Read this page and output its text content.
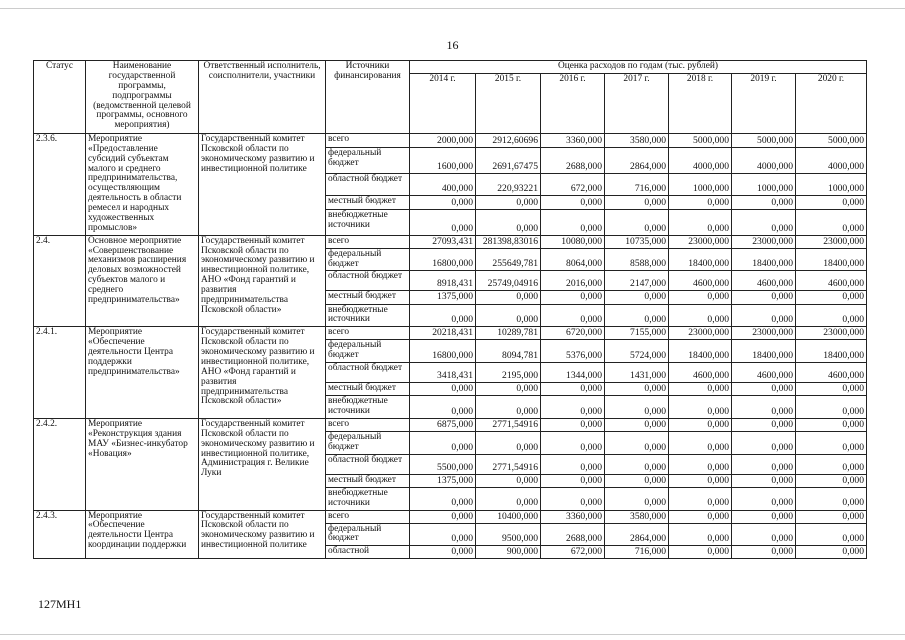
16
Статус	Наименование государственной программы, подпрограммы (ведомственной целевой программы, основного мероприятия)	Ответственный исполнитель, соисполнители, участники	Источники финансирования	Оценка расходов по годам (тыс. рублей)						
				2014 г.	2015 г.	2016 г.	2017 г.	2018 г.	2019 г.	2020 г.
2.3.6.	Мероприятие «Предоставление субсидий субъектам малого и среднего предпринимательства, осуществляющим деятельность в области ремесел и народных художественных промыслов»	Государственный комитет Псковской области по экономическому развитию и инвестиционной политике	всего	2000,000	2912,60696	3360,000	3580,000	5000,000	5000,000	5000,000
			федеральный бюджет	1600,000	2691,67475	2688,000	2864,000	4000,000	4000,000	4000,000
			областной бюджет	400,000	220,93221	672,000	716,000	1000,000	1000,000	1000,000
			местный бюджет	0,000	0,000	0,000	0,000	0,000	0,000	0,000
			внебюджетные источники	0,000	0,000	0,000	0,000	0,000	0,000	0,000
2.4.	Основное мероприятие «Совершенствование механизмов расширения деловых возможностей субъектов малого и среднего предпринимательства»	Государственный комитет Псковской области по экономическому развитию и инвестиционной политике, АНО «Фонд гарантий и развития предпринимательства Псковской области»	всего	27093,431	281398,83016	10080,000	10735,000	23000,000	23000,000	23000,000
			федеральный бюджет	16800,000	255649,781	8064,000	8588,000	18400,000	18400,000	18400,000
			областной бюджет	8918,431	25749,04916	2016,000	2147,000	4600,000	4600,000	4600,000
			местный бюджет	1375,000	0,000	0,000	0,000	0,000	0,000	0,000
			внебюджетные источники	0,000	0,000	0,000	0,000	0,000	0,000	0,000
2.4.1.	Мероприятие «Обеспечение деятельности Центра поддержки предпринимательства»	Государственный комитет Псковской области по экономическому развитию и инвестиционной политике, АНО «Фонд гарантий и развития предпринимательства Псковской области»	всего	20218,431	10289,781	6720,000	7155,000	23000,000	23000,000	23000,000
			федеральный бюджет	16800,000	8094,781	5376,000	5724,000	18400,000	18400,000	18400,000
			областной бюджет	3418,431	2195,000	1344,000	1431,000	4600,000	4600,000	4600,000
			местный бюджет	0,000	0,000	0,000	0,000	0,000	0,000	0,000
			внебюджетные источники	0,000	0,000	0,000	0,000	0,000	0,000	0,000
2.4.2.	Мероприятие «Реконструкция здания МАУ «Бизнес-инкубатор «Новация»	Государственный комитет Псковской области по экономическому развитию и инвестиционной политике, Администрация г. Великие Луки	всего	6875,000	2771,54916	0,000	0,000	0,000	0,000	0,000
			федеральный бюджет	0,000	0,000	0,000	0,000	0,000	0,000	0,000
			областной бюджет	5500,000	2771,54916	0,000	0,000	0,000	0,000	0,000
			местный бюджет	1375,000	0,000	0,000	0,000	0,000	0,000	0,000
			внебюджетные источники	0,000	0,000	0,000	0,000	0,000	0,000	0,000
2.4.3.	Мероприятие «Обеспечение деятельности Центра координации поддержки	Государственный комитет Псковской области по экономическому развитию и инвестиционной политике	всего	0,000	10400,000	3360,000	3580,000	0,000	0,000	0,000
			федеральный бюджет	0,000	9500,000	2688,000	2864,000	0,000	0,000	0,000
			областной	0,000	900,000	672,000	716,000	0,000	0,000	0,000
127МН1
